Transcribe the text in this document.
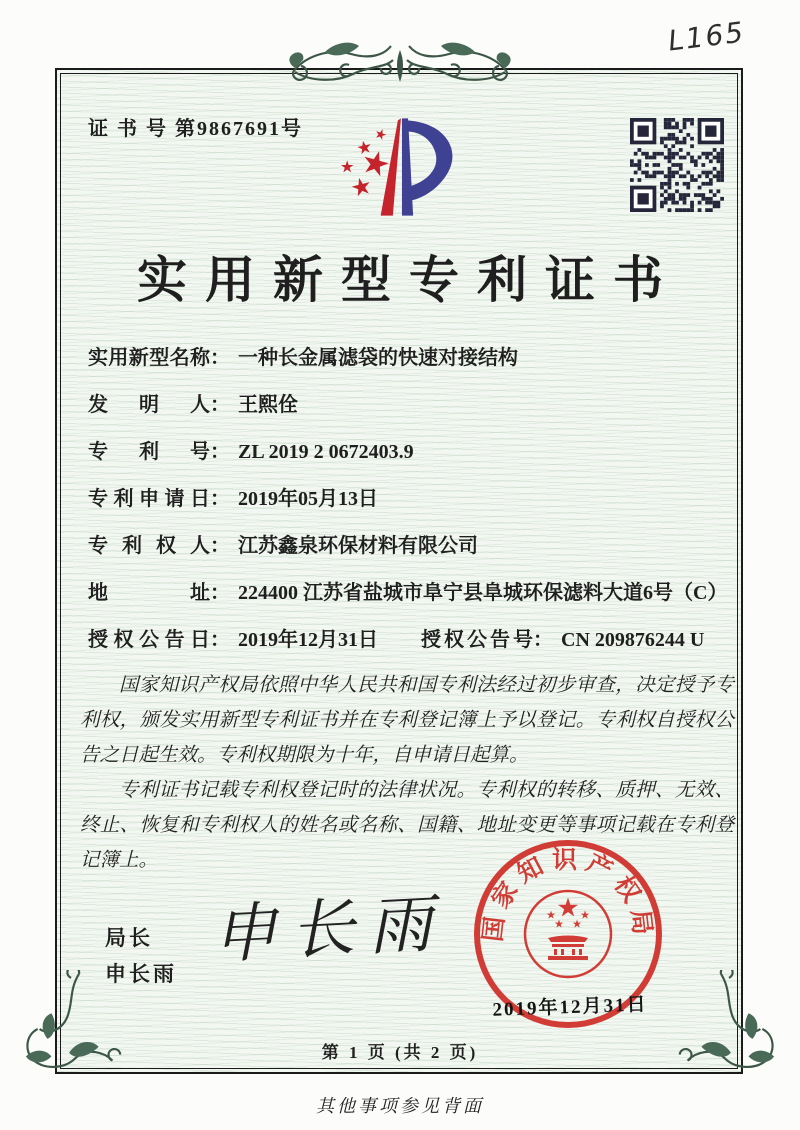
L165
证 书 号 第9867691号
实用新型专利证书
实用新型名称： 一种长金属滤袋的快速对接结构
发明人： 王熙佺
专利号： ZL 2019 2 0672403.9
专利申请日： 2019年05月13日
专利权人： 江苏鑫泉环保材料有限公司
地址： 224400 江苏省盐城市阜宁县阜城环保滤料大道6号（C）
授权公告日： 2019年12月31日 授权公告号： CN 209876244 U

国家知识产权局依照中华人民共和国专利法经过初步审查，决定授予专利权，颁发实用新型专利证书并在专利登记簿上予以登记。专利权自授权公告之日起生效。专利权期限为十年，自申请日起算。

专利证书记载专利权登记时的法律状况。专利权的转移、质押、无效、终止、恢复和专利权人的姓名或名称、国籍、地址变更等事项记载在专利登记簿上。

局长
申长雨
申长雨 国家知识产权局
2019年12月31日
第 1 页 (共 2 页)
其他事项参见背面
